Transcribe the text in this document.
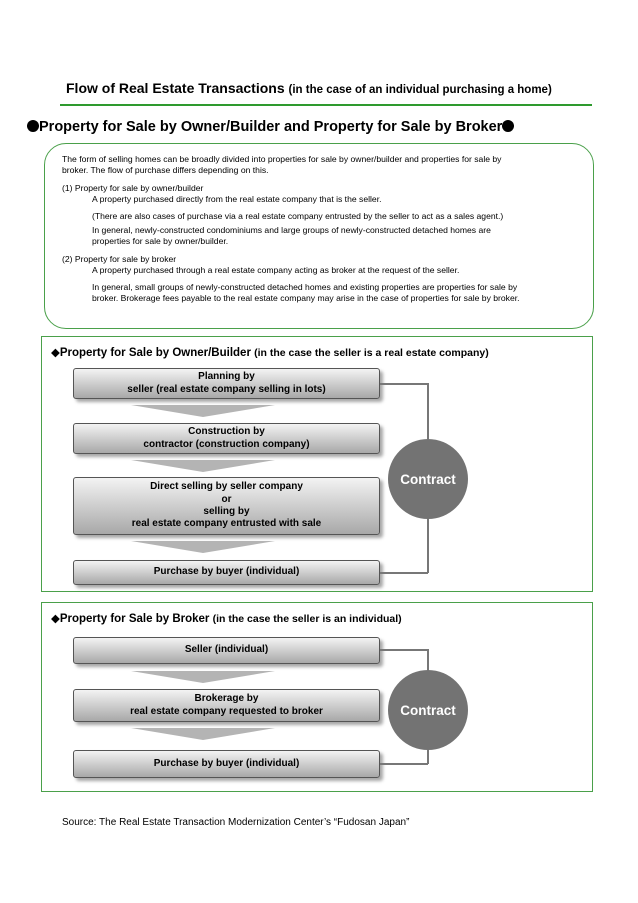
Flow of Real Estate Transactions (in the case of an individual purchasing a home)
Property for Sale by Owner/Builder and Property for Sale by Broker
The form of selling homes can be broadly divided into properties for sale by owner/builder and properties for sale by
broker. The flow of purchase differs depending on this.
(1) Property for sale by owner/builder
A property purchased directly from the real estate company that is the seller.
(There are also cases of purchase via a real estate company entrusted by the seller to act as a sales agent.)
In general, newly-constructed condominiums and large groups of newly-constructed detached homes are
properties for sale by owner/builder.
(2) Property for sale by broker
A property purchased through a real estate company acting as broker at the request of the seller.
In general, small groups of newly-constructed detached homes and existing properties are properties for sale by
broker. Brokerage fees payable to the real estate company may arise in the case of properties for sale by broker.
◆Property for Sale by Owner/Builder (in the case the seller is a real estate company)
Planning by
seller (real estate company selling in lots)
Construction by
contractor (construction company)
Direct selling by seller company
or
selling by
real estate company entrusted with sale
Purchase by buyer (individual)
Contract
◆Property for Sale by Broker (in the case the seller is an individual)
Seller (individual)
Brokerage by
real estate company requested to broker
Purchase by buyer (individual)
Contract
Source: The Real Estate Transaction Modernization Center’s “Fudosan Japan”
